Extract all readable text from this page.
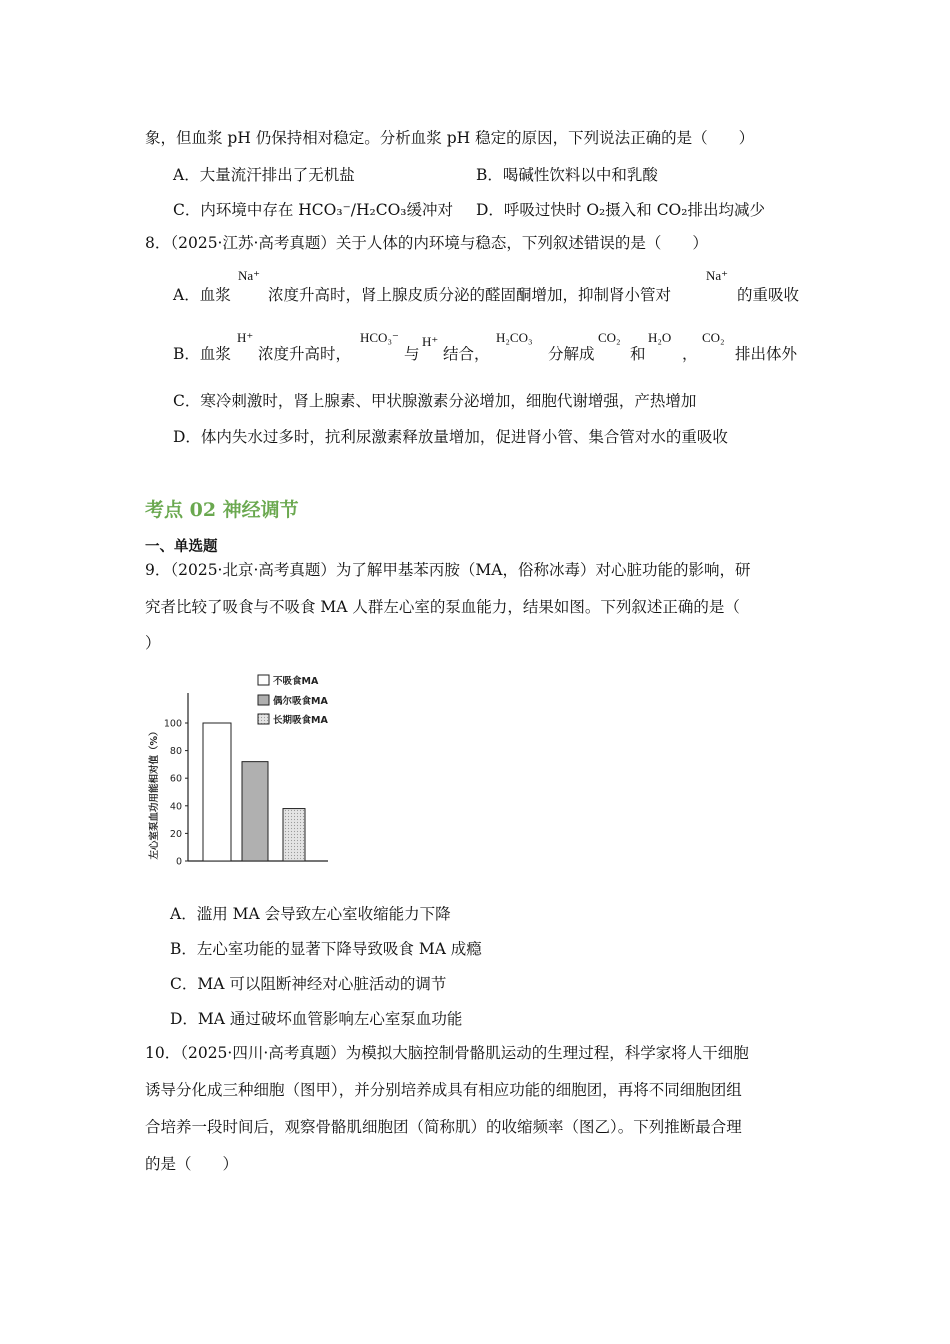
象，但血浆 pH 仍保持相对稳定。分析血浆 pH 稳定的原因，下列说法正确的是（　　）
A．大量流汗排出了无机盐	B．喝碱性饮料以中和乳酸
C．内环境中存在 HCO₃⁻/H₂CO₃缓冲对 D．呼吸过快时 O₂摄入和 CO₂排出均减少
8．（2025·江苏·高考真题）关于人体的内环境与稳态，下列叙述错误的是（　　）
A．血浆
Na⁺
浓度升高时，肾上腺皮质分泌的醛固酮增加，抑制肾小管对
Na⁺
的重吸收
B．血浆
H⁺
浓度升高时，
HCO₃⁻
与
H⁺
结合，
H₂CO₃
分解成
CO₂
和
H₂O
，
CO₂
排出体外
C．寒冷刺激时，肾上腺素、甲状腺激素分泌增加，细胞代谢增强，产热增加
D．体内失水过多时，抗利尿激素释放量增加，促进肾小管、集合管对水的重吸收
考点 02 神经调节
一、单选题
9．（2025·北京·高考真题）为了解甲基苯丙胺（MA，俗称冰毒）对心脏功能的影响，研
究者比较了吸食与不吸食 MA 人群左心室的泵血能力，结果如图。下列叙述正确的是（
）
0
20
40
60
80
100
不吸食MA
偶尔吸食MA
长期吸食MA
左心室泵血功用能相对值（%）
A．滥用 MA 会导致左心室收缩能力下降
B．左心室功能的显著下降导致吸食 MA 成瘾
C．MA 可以阻断神经对心脏活动的调节
D．MA 通过破坏血管影响左心室泵血功能
10．（2025·四川·高考真题）为模拟大脑控制骨骼肌运动的生理过程，科学家将人干细胞
诱导分化成三种细胞（图甲），并分别培养成具有相应功能的细胞团，再将不同细胞团组
合培养一段时间后，观察骨骼肌细胞团（简称肌）的收缩频率（图乙）。下列推断最合理
的是（　　）
